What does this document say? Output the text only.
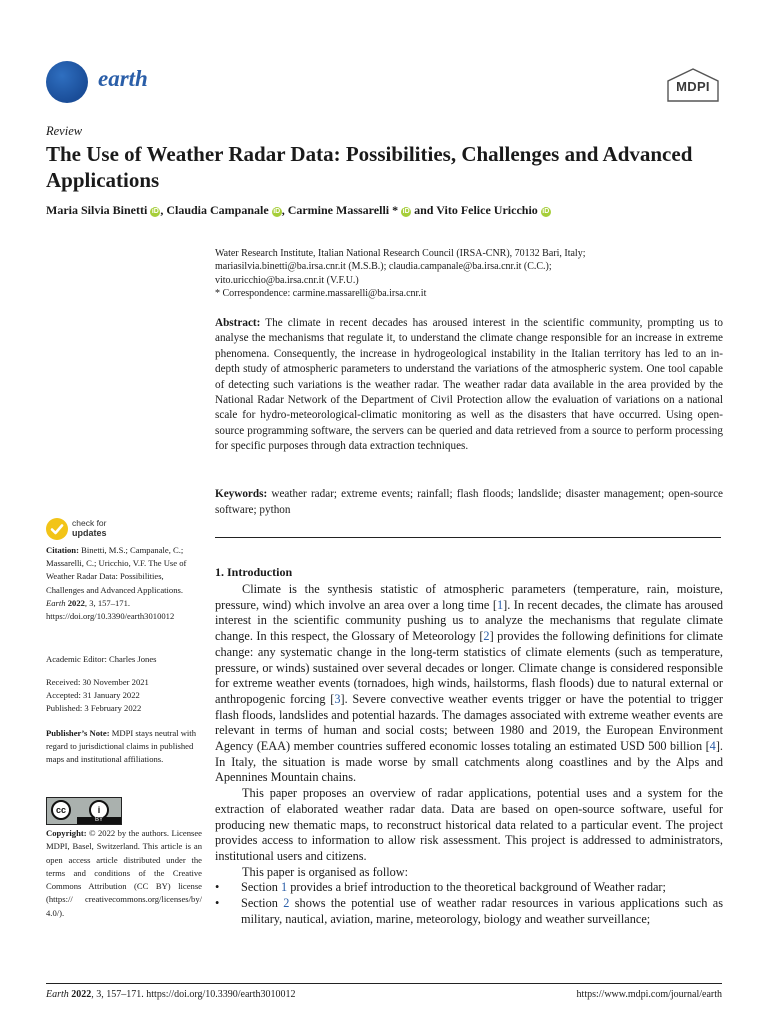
earth	MDPI
Review
The Use of Weather Radar Data: Possibilities, Challenges and Advanced Applications
Maria Silvia Binetti iD , Claudia Campanale iD , Carmine Massarelli * iD and Vito Felice Uricchio iD
Water Research Institute, Italian National Research Council (IRSA-CNR), 70132 Bari, Italy;
mariasilvia.binetti@ba.irsa.cnr.it (M.S.B.); claudia.campanale@ba.irsa.cnr.it (C.C.);
vito.uricchio@ba.irsa.cnr.it (V.F.U.)
* Correspondence: carmine.massarelli@ba.irsa.cnr.it
Abstract: The climate in recent decades has aroused interest in the scientific community, prompting us to analyse the mechanisms that regulate it, to understand the climate change responsible for an increase in extreme phenomena. Consequently, the increase in hydrogeological instability in the Italian territory has led to an in-depth study of atmospheric parameters to understand the variations of the atmospheric system. One tool capable of detecting such variations is the weather radar. The weather radar data available in the area provided by the National Radar Network of the Department of Civil Protection allow the evaluation of variations on a national scale for hydro-meteorological-climatic monitoring as well as the disasters that have occurred. Using open-source programming software, the servers can be queried and data retrieved from a source to perform processing for specific purposes through data extraction techniques.
Keywords: weather radar; extreme events; rainfall; flash floods; landslide; disaster management; open-source software; python
check for
updates
Citation: Binetti, M.S.; Campanale, C.; Massarelli, C.; Uricchio, V.F. The Use of Weather Radar Data: Possibilities, Challenges and Advanced Applications. Earth 2022, 3, 157–171. https://doi.org/10.3390/earth3010012
Academic Editor: Charles Jones
Received: 30 November 2021
Accepted: 31 January 2022
Published: 3 February 2022
Publisher’s Note: MDPI stays neutral with regard to jurisdictional claims in published maps and institutional affiliations.
cc	i
BY
Copyright: © 2022 by the authors. Licensee MDPI, Basel, Switzerland. This article is an open access article distributed under the terms and conditions of the Creative Commons Attribution (CC BY) license (https:// creativecommons.org/licenses/by/ 4.0/).
1. Introduction

Climate is the synthesis statistic of atmospheric parameters (temperature, rain, moisture, pressure, wind) which involve an area over a long time [1]. In recent decades, the climate has aroused interest in the scientific community pushing us to analyze the mechanisms that regulate climate change. In this respect, the Glossary of Meteorology [2] provides the following definitions for climate change: any systematic change in the long-term statistics of climate elements (such as temperature, pressure, or winds) sustained over several decades or longer. Climate change is considered responsible for extreme weather events (tornadoes, high winds, hailstorms, flash floods) due to natural external or anthropogenic forcing [3]. Severe convective weather events trigger or have the potential to trigger flash floods, landslides and potential hazards. The damages associated with extreme weather events are relevant in terms of human and social costs; between 1980 and 2019, the European Environment Agency (EAA) member countries suffered economic losses totaling an estimated USD 500 billion [4]. In Italy, the situation is made worse by small catchments along coastlines and by the Alps and Apennines Mountain chains.

This paper proposes an overview of radar applications, potential uses and a system for the extraction of elaborated weather radar data. Data are based on open-source software, useful for producing new thematic maps, to reconstruct historical data related to a particular event. The project provides access to information to allow risk assessment. This project is addressed to administrators, institutional users and citizens.

This paper is organised as follow:

• Section 1 provides a brief introduction to the theoretical background of Weather radar;
• Section 2 shows the potential use of weather radar resources in various applications such as military, nautical, aviation, marine, meteorology, biology and weather surveillance;
Earth 2022, 3, 157–171. https://doi.org/10.3390/earth3010012	https://www.mdpi.com/journal/earth
